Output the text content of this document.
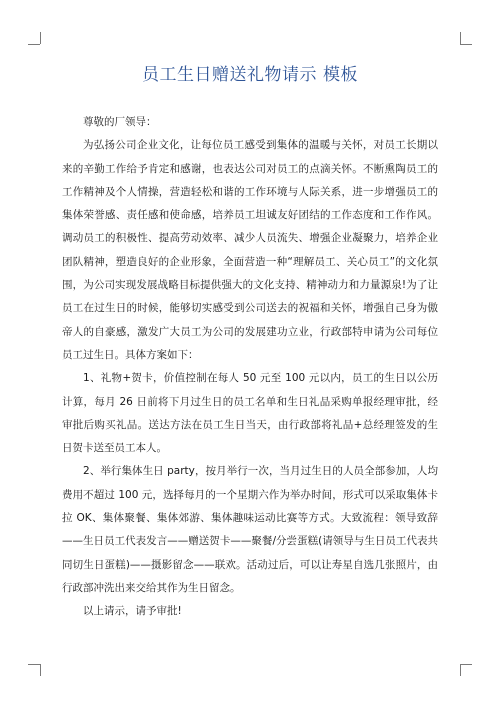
员工生日赠送礼物请示 模板

尊敬的厂领导：

为弘扬公司企业文化，让每位员工感受到集体的温暖与关怀，对员工长期以来的辛勤工作给予肯定和感谢，也表达公司对员工的点滴关怀。不断熏陶员工的工作精神及个人情操，营造轻松和谐的工作环境与人际关系，进一步增强员工的集体荣誉感、责任感和使命感，培养员工坦诚友好团结的工作态度和工作作风。调动员工的积极性、提高劳动效率、减少人员流失、增强企业凝聚力，培养企业团队精神，塑造良好的企业形象，全面营造一种“理解员工、关心员工”的文化氛围，为公司实现发展战略目标提供强大的文化支持、精神动力和力量源泉!为了让员工在过生日的时候，能够切实感受到公司送去的祝福和关怀，增强自己身为傲帝人的自豪感，激发广大员工为公司的发展建功立业，行政部特申请为公司每位员工过生日。具体方案如下：

1、礼物+贺卡，价值控制在每人 50 元至 100 元以内，员工的生日以公历计算，每月 26 日前将下月过生日的员工名单和生日礼品采购单报经理审批，经审批后购买礼品。送达方法在员工生日当天，由行政部将礼品+总经理签发的生日贺卡送至员工本人。

2、举行集体生日 party，按月举行一次，当月过生日的人员全部参加，人均费用不超过 100 元，选择每月的一个星期六作为举办时间，形式可以采取集体卡拉 OK、集体聚餐、集体郊游、集体趣味运动比赛等方式。大致流程：领导致辞——生日员工代表发言——赠送贺卡——聚餐/分尝蛋糕(请领导与生日员工代表共同切生日蛋糕)——摄影留念——联欢。活动过后，可以让寿星自选几张照片，由行政部冲洗出来交给其作为生日留念。

以上请示，请予审批!
